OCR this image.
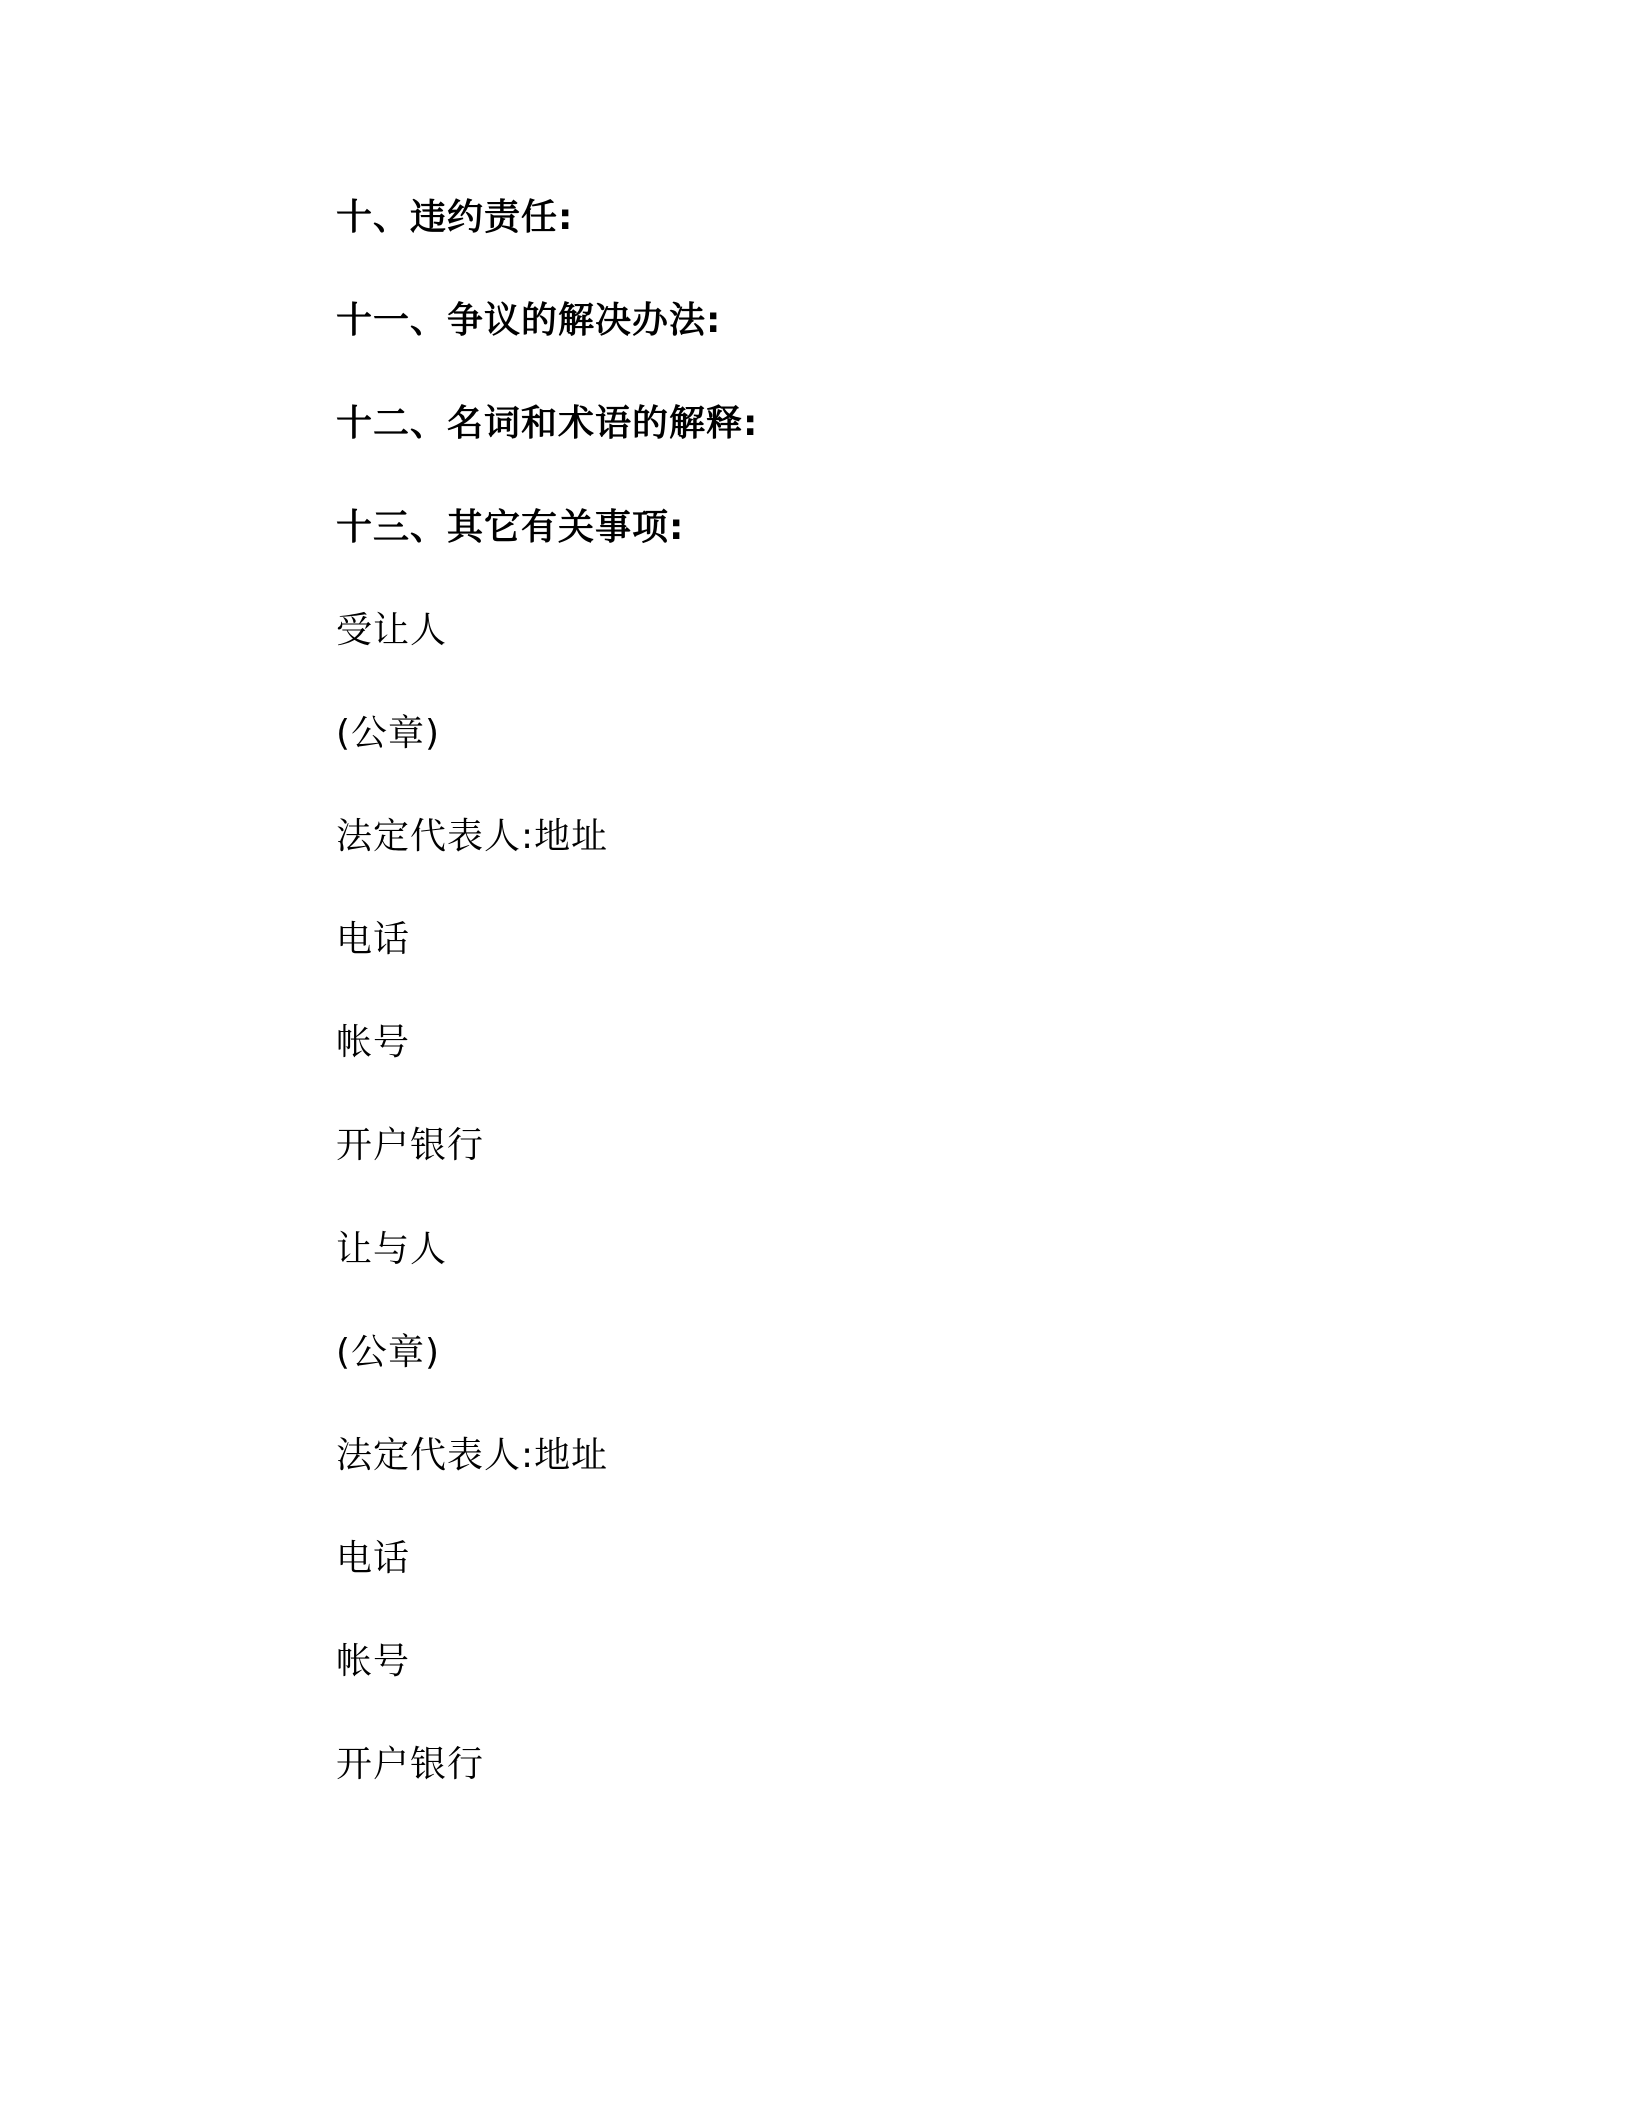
十、违约责任:
十一、争议的解决办法:
十二、名词和术语的解释:
十三、其它有关事项:
受让人
(公章)
法定代表人:地址
电话
帐号
开户银行
让与人
(公章)
法定代表人:地址
电话
帐号
开户银行
